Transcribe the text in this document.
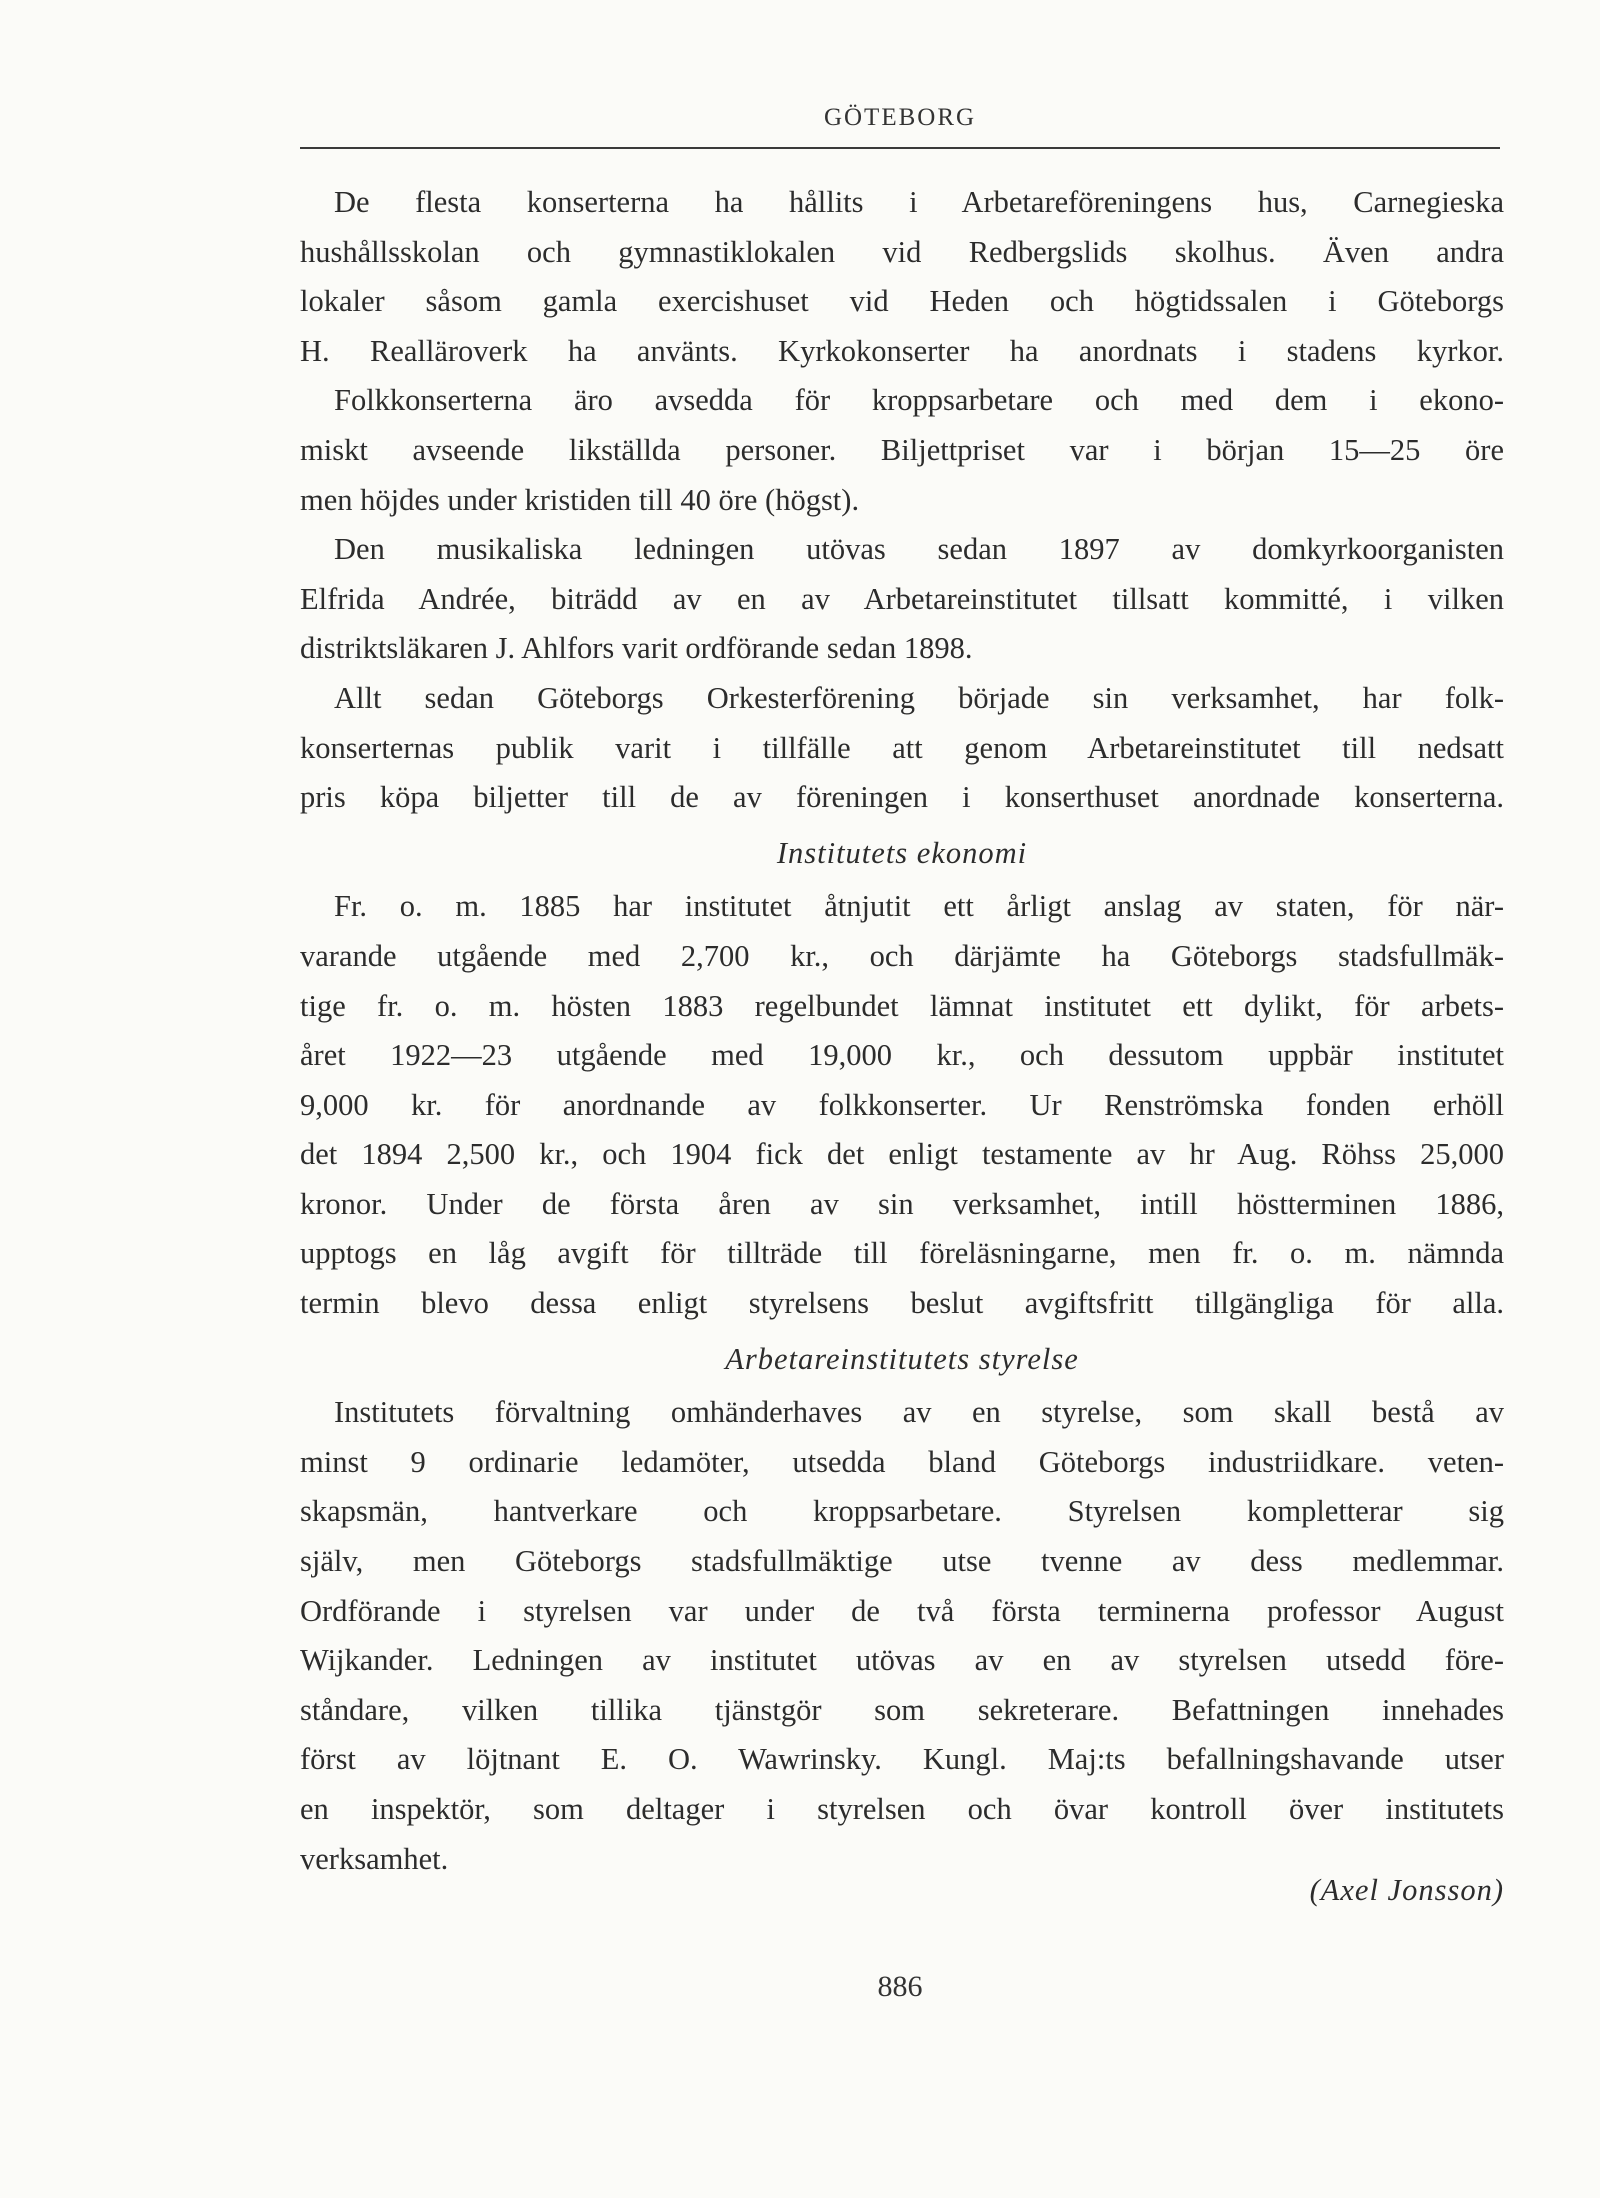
GÖTEBORG
De flesta konserterna ha hållits i Arbetareföreningens hus, Carnegieska
hushållsskolan och gymnastiklokalen vid Redbergslids skolhus. Även andra
lokaler såsom gamla exercishuset vid Heden och högtidssalen i Göteborgs
H. Realläroverk ha använts. Kyrkokonserter ha anordnats i stadens kyrkor.
Folkkonserterna äro avsedda för kroppsarbetare och med dem i ekono-
miskt avseende likställda personer. Biljettpriset var i början 15—25 öre
men höjdes under kristiden till 40 öre (högst).
Den musikaliska ledningen utövas sedan 1897 av domkyrkoorganisten
Elfrida Andrée, biträdd av en av Arbetareinstitutet tillsatt kommitté, i vilken
distriktsläkaren J. Ahlfors varit ordförande sedan 1898.
Allt sedan Göteborgs Orkesterförening började sin verksamhet, har folk-
konserternas publik varit i tillfälle att genom Arbetareinstitutet till nedsatt
pris köpa biljetter till de av föreningen i konserthuset anordnade konserterna.
Institutets ekonomi
Fr. o. m. 1885 har institutet åtnjutit ett årligt anslag av staten, för när-
varande utgående med 2,700 kr., och därjämte ha Göteborgs stadsfullmäk-
tige fr. o. m. hösten 1883 regelbundet lämnat institutet ett dylikt, för arbets-
året 1922—23 utgående med 19,000 kr., och dessutom uppbär institutet
9,000 kr. för anordnande av folkkonserter. Ur Renströmska fonden erhöll
det 1894 2,500 kr., och 1904 fick det enligt testamente av hr Aug. Röhss 25,000
kronor. Under de första åren av sin verksamhet, intill höstterminen 1886,
upptogs en låg avgift för tillträde till föreläsningarne, men fr. o. m. nämnda
termin blevo dessa enligt styrelsens beslut avgiftsfritt tillgängliga för alla.
Arbetareinstitutets styrelse
Institutets förvaltning omhänderhaves av en styrelse, som skall bestå av
minst 9 ordinarie ledamöter, utsedda bland Göteborgs industriidkare. veten-
skapsmän, hantverkare och kroppsarbetare. Styrelsen kompletterar sig
själv, men Göteborgs stadsfullmäktige utse tvenne av dess medlemmar.
Ordförande i styrelsen var under de två första terminerna professor August
Wijkander. Ledningen av institutet utövas av en av styrelsen utsedd före-
ståndare, vilken tillika tjänstgör som sekreterare. Befattningen innehades
först av löjtnant E. O. Wawrinsky. Kungl. Maj:ts befallningshavande utser
en inspektör, som deltager i styrelsen och övar kontroll över institutets
verksamhet.
(Axel Jonsson)
886
